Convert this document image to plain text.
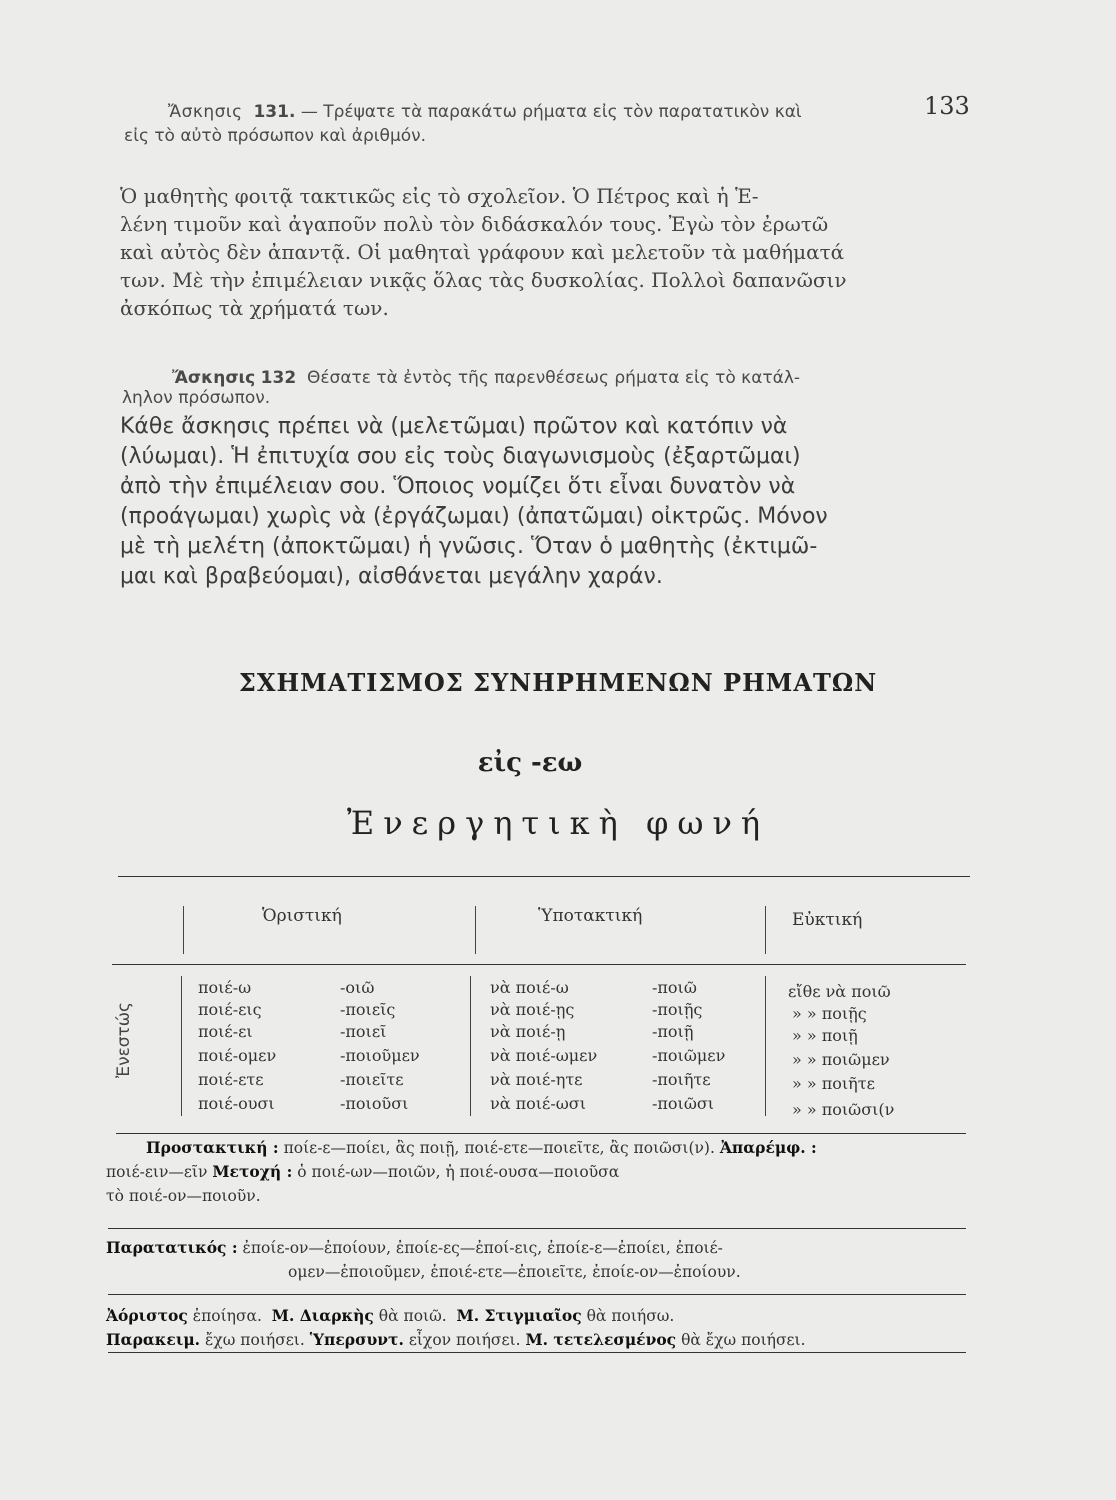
133
Ἄσκησις 131. — Τρέψατε τὰ παρακάτω ρήματα εἰς τὸν παρατατικὸν καὶ
εἰς τὸ αὐτὸ πρόσωπον καὶ ἀριθμόν.
Ὁ μαθητὴς φοιτᾷ τακτικῶς εἰς τὸ σχολεῖον. Ὁ Πέτρος καὶ ἡ Ἑ-
λένη τιμοῦν καὶ ἀγαποῦν πολὺ τὸν διδάσκαλόν τους. Ἐγὼ τὸν ἐρωτῶ
καὶ αὐτὸς δὲν ἀπαντᾷ. Οἱ μαθηταὶ γράφουν καὶ μελετοῦν τὰ μαθήματά
των. Μὲ τὴν ἐπιμέλειαν νικᾷς ὅλας τὰς δυσκολίας. Πολλοὶ δαπανῶσιν
ἀσκόπως τὰ χρήματά των.
Ἄσκησις 132 Θέσατε τὰ ἐντὸς τῆς παρενθέσεως ρήματα εἰς τὸ κατάλ-
ληλον πρόσωπον.
Κάθε ἄσκησις πρέπει νὰ (μελετῶμαι) πρῶτον καὶ κατόπιν νὰ
(λύωμαι). Ἡ ἐπιτυχία σου εἰς τοὺς διαγωνισμοὺς (ἐξαρτῶμαι)
ἀπὸ τὴν ἐπιμέλειαν σου. Ὅποιος νομίζει ὅτι εἶναι δυνατὸν νὰ
(προάγωμαι) χωρὶς νὰ (ἐργάζωμαι) (ἀπατῶμαι) οἰκτρῶς. Μόνον
μὲ τὴ μελέτη (ἀποκτῶμαι) ἡ γνῶσις. Ὅταν ὁ μαθητὴς (ἐκτιμῶ-
μαι καὶ βραβεύομαι), αἰσθάνεται μεγάλην χαράν.
ΣΧΗΜΑΤΙΣΜΟΣ ΣΥΝΗΡΗΜΕΝΩΝ ΡΗΜΑΤΩΝ
εἰς -εω
Ἐνεργητικὴ φωνή
Ὁριστική	Ὑποτακτική	Εὐκτική
Ἐνεστώς
ποιέ-ω	-οιῶ	νὰ ποιέ-ω	-ποιῶ	εἴθε νὰ ποιῶ
ποιέ-εις	-ποιεῖς	νὰ ποιέ-ῃς	-ποιῇς	» » ποιῇς
ποιέ-ει	-ποιεῖ	νὰ ποιέ-ῃ	-ποιῇ	» » ποιῇ
ποιέ-ομεν	-ποιοῦμεν	νὰ ποιέ-ωμεν	-ποιῶμεν	» » ποιῶμεν
ποιέ-ετε	-ποιεῖτε	νὰ ποιέ-ητε	-ποιῆτε	» » ποιῆτε
ποιέ-ουσι	-ποιοῦσι	νὰ ποιέ-ωσι	-ποιῶσι	» » ποιῶσι(ν
Προστακτική : ποίε-ε—ποίει, ἂς ποιῇ, ποιέ-ετε—ποιεῖτε, ἂς ποιῶσι(ν). Ἀπαρέμφ. :
ποιέ-ειν—εῖν Μετοχή : ὁ ποιέ-ων—ποιῶν, ἡ ποιέ-ουσα—ποιοῦσα
τὸ ποιέ-ον—ποιοῦν.
Παρατατικός : ἐποίε-ον—ἐποίουν, ἐποίε-ες—ἐποί-εις, ἐποίε-ε—ἐποίει, ἐποιέ-
ομεν—ἐποιοῦμεν, ἐποιέ-ετε—ἐποιεῖτε, ἐποίε-ον—ἐποίουν.
Ἀόριστος ἐποίησα. Μ. Διαρκὴς θὰ ποιῶ. Μ. Στιγμιαῖος θὰ ποιήσω.
Παρακειμ. ἔχω ποιήσει. Ὑπερσυντ. εἶχον ποιήσει. Μ. τετελεσμένος θὰ ἔχω ποιήσει.
